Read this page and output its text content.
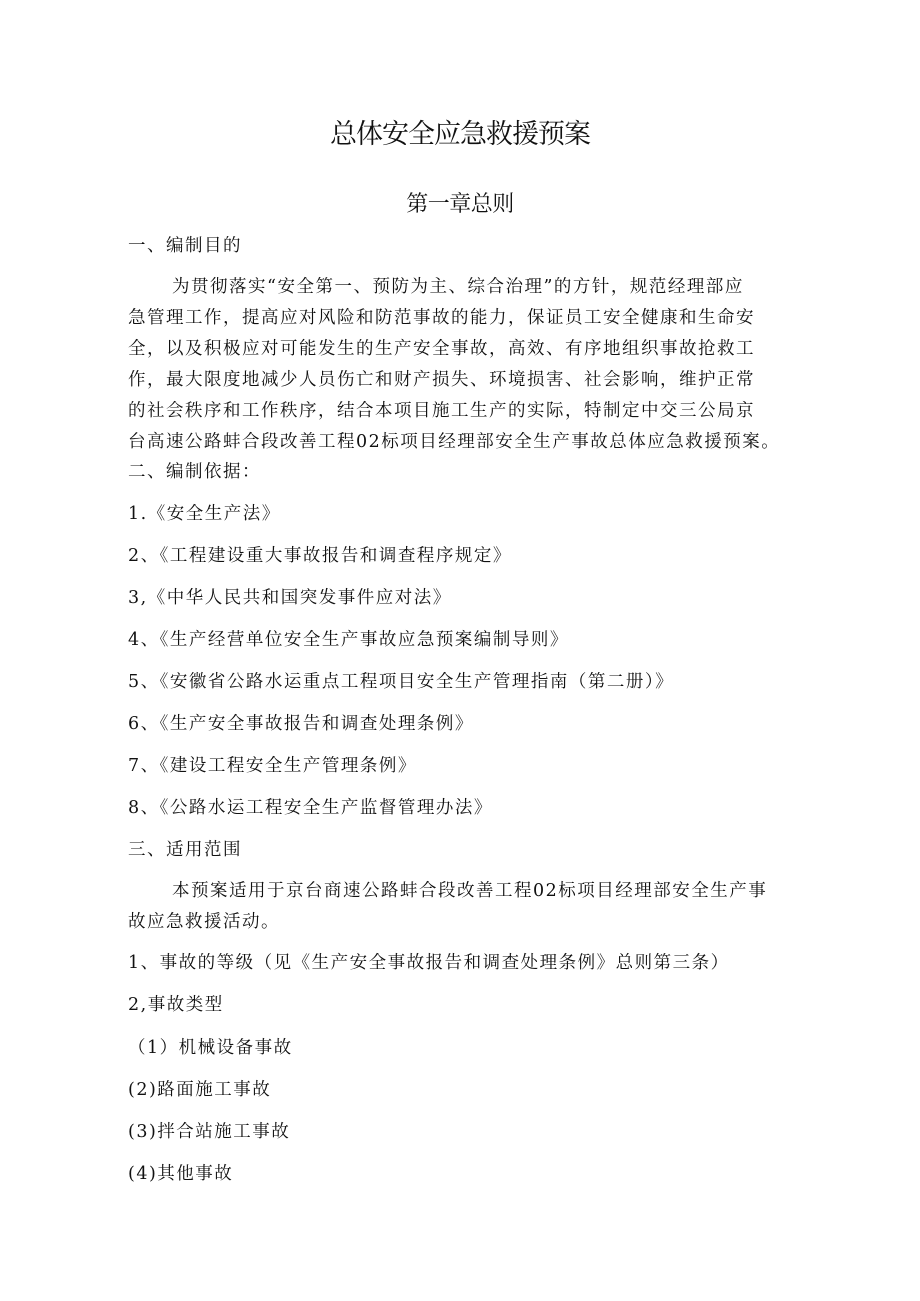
总体安全应急救援预案
第一章总则

一、编制目的

为贯彻落实“安全第一、预防为主、综合治理”的方针，规范经理部应
急管理工作，提高应对风险和防范事故的能力，保证员工安全健康和生命安
全，以及积极应对可能发生的生产安全事故，高效、有序地组织事故抢救工
作，最大限度地减少人员伤亡和财产损失、环境损害、社会影响，维护正常
的社会秩序和工作秩序，结合本项目施工生产的实际，特制定中交三公局京
台高速公路蚌合段改善工程02标项目经理部安全生产事故总体应急救援预案。

二、编制依据：

1.《安全生产法》

2、《工程建设重大事故报告和调查程序规定》

3,《中华人民共和国突发事件应对法》

4、《生产经营单位安全生产事故应急预案编制导则》

5、《安徽省公路水运重点工程项目安全生产管理指南（第二册）》

6、《生产安全事故报告和调查处理条例》

7、《建设工程安全生产管理条例》

8、《公路水运工程安全生产监督管理办法》

三、适用范围

本预案适用于京台商速公路蚌合段改善工程02标项目经理部安全生产事
故应急救援活动。

1、事故的等级（见《生产安全事故报告和调查处理条例》总则第三条）

2,事故类型

（1）机械设备事故

(2)路面施工事故

(3)拌合站施工事故

(4)其他事故
